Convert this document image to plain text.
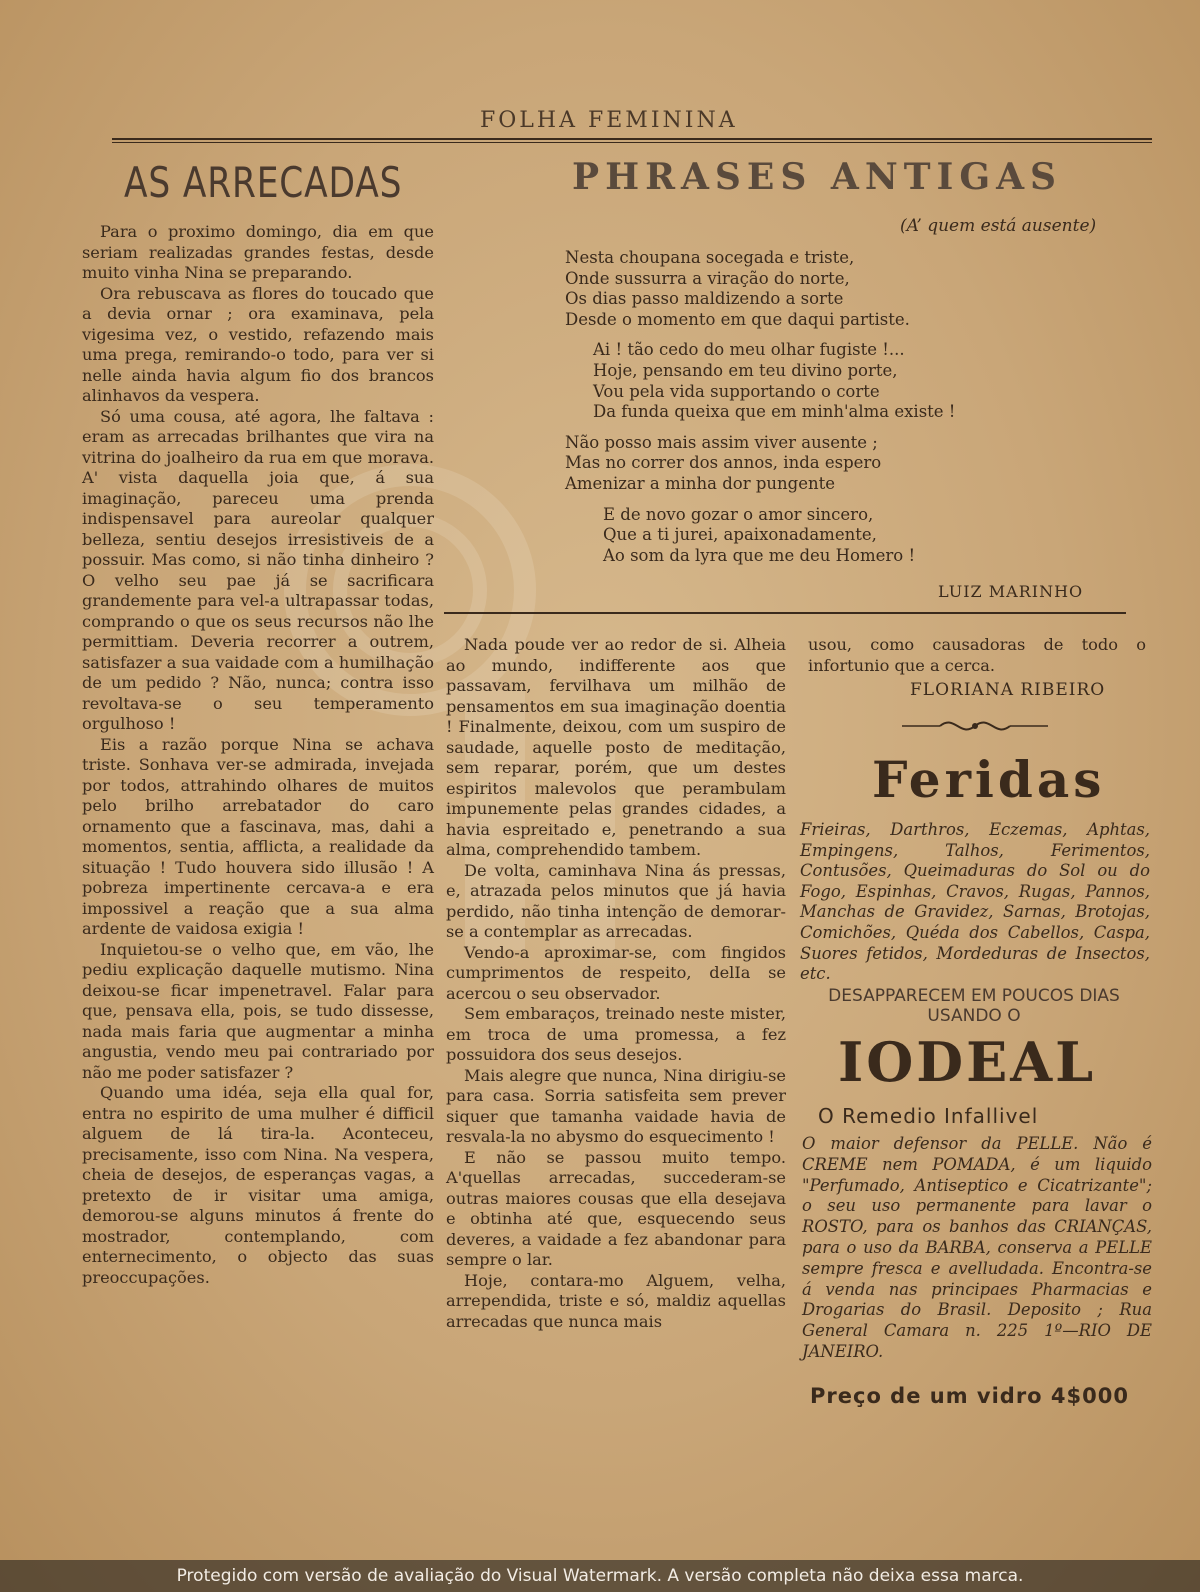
FOLHA FEMININA
AS ARRECADAS	PHRASES ANTIGAS
(A’ quem está ausente)
Nesta choupana socegada e triste,
Onde sussurra a viração do norte,
Os dias passo maldizendo a sorte
Desde o momento em que daqui partiste.
Ai ! tão cedo do meu olhar fugiste !...
Hoje, pensando em teu divino porte,
Vou pela vida supportando o corte
Da funda queixa que em minh'alma existe !
Não posso mais assim viver ausente ;
Mas no correr dos annos, inda espero
Amenizar a minha dor pungente
E de novo gozar o amor sincero,
Que a ti jurei, apaixonadamente,
Ao som da lyra que me deu Homero !
LUIZ MARINHO

Para o proximo domingo, dia em que seriam realizadas grandes festas, desde muito vinha Nina se preparando.

Ora rebuscava as flores do toucado que a devia ornar ; ora examinava, pela vigesima vez, o vestido, refazendo mais uma prega, remirando-o todo, para ver si nelle ainda havia algum fio dos brancos alinhavos da vespera.

Só uma cousa, até agora, lhe faltava : eram as arrecadas brilhantes que vira na vitrina do joalheiro da rua em que morava. A' vista daquella joia que, á sua imaginação, pareceu uma prenda indispensavel para aureolar qualquer belleza, sentiu desejos irresistiveis de a possuir. Mas como, si não tinha dinheiro ? O velho seu pae já se sacrificara grandemente para vel-a ultrapassar todas, comprando o que os seus recursos não lhe permittiam. Deveria recorrer a outrem, satisfazer a sua vaidade com a humilhação de um pedido ? Não, nunca; contra isso revoltava-se o seu temperamento orgulhoso !

Eis a razão porque Nina se achava triste. Sonhava ver-se admirada, invejada por todos, attrahindo olhares de muitos pelo brilho arrebatador do caro ornamento que a fascinava, mas, dahi a momentos, sentia, afflicta, a realidade da situação ! Tudo houvera sido illusão ! A pobreza impertinente cercava-a e era impossivel a reação que a sua alma ardente de vaidosa exigia !

Inquietou-se o velho que, em vão, lhe pediu explicação daquelle mutismo. Nina deixou-se ficar impenetravel. Falar para que, pensava ella, pois, se tudo dissesse, nada mais faria que augmentar a minha angustia, vendo meu pai contrariado por não me poder satisfazer ?

Quando uma idéa, seja ella qual for, entra no espirito de uma mulher é difficil alguem de lá tira-la. Aconteceu, precisamente, isso com Nina. Na vespera, cheia de desejos, de esperanças vagas, a pretexto de ir visitar uma amiga, demorou-se alguns minutos á frente do mostrador, contemplando, com enternecimento, o objecto das suas preoccupações.

Nada poude ver ao redor de si. Alheia ao mundo, indifferente aos que passavam, fervilhava um milhão de pensamentos em sua imaginação doentia ! Finalmente, deixou, com um suspiro de saudade, aquelle posto de meditação, sem reparar, porém, que um destes espiritos malevolos que perambulam impunemente pelas grandes cidades, a havia espreitado e, penetrando a sua alma, comprehendido tambem.

De volta, caminhava Nina ás pressas, e, atrazada pelos minutos que já havia perdido, não tinha intenção de demorar-se a contemplar as arrecadas.

Vendo-a aproximar-se, com fingidos cumprimentos de respeito, delIa se acercou o seu observador.

Sem embaraços, treinado neste mister, em troca de uma promessa, a fez possuidora dos seus desejos.

Mais alegre que nunca, Nina dirigiu-se para casa. Sorria satisfeita sem prever siquer que tamanha vaidade havia de resvala-la no abysmo do esquecimento !

E não se passou muito tempo. A'quellas arrecadas, succederam-se outras maiores cousas que ella desejava e obtinha até que, esquecendo seus deveres, a vaidade a fez abandonar para sempre o lar.

Hoje, contara-mo Alguem, velha, arrependida, triste e só, maldiz aquellas arrecadas que nunca mais

usou, como causadoras de todo o infortunio que a cerca.

FLORIANA RIBEIRO
Feridas
Frieiras, Darthros, Eczemas, Aphtas, Empingens, Talhos, Ferimentos, Contusões, Queimaduras do Sol ou do Fogo, Espinhas, Cravos, Rugas, Pannos, Manchas de Gravidez, Sarnas, Brotojas, Comichões, Quéda dos Cabellos, Caspa, Suores fetidos, Mordeduras de Insectos, etc.
DESAPPARECEM EM POUCOS DIAS USANDO O
IODEAL
O Remedio Infallivel
O maior defensor da PELLE. Não é CREME nem POMADA, é um liquido "Perfumado, Antiseptico e Cicatrizante"; o seu uso permanente para lavar o ROSTO, para os banhos das CRIANÇAS, para o uso da BARBA, conserva a PELLE sempre fresca e avelludada. Encontra-se á venda nas principaes Pharmacias e Drogarias do Brasil. Deposito ; Rua General Camara n. 225 1º—RIO DE JANEIRO.
Preço de um vidro 4$000
Protegido com versão de avaliação do Visual Watermark. A versão completa não deixa essa marca.
